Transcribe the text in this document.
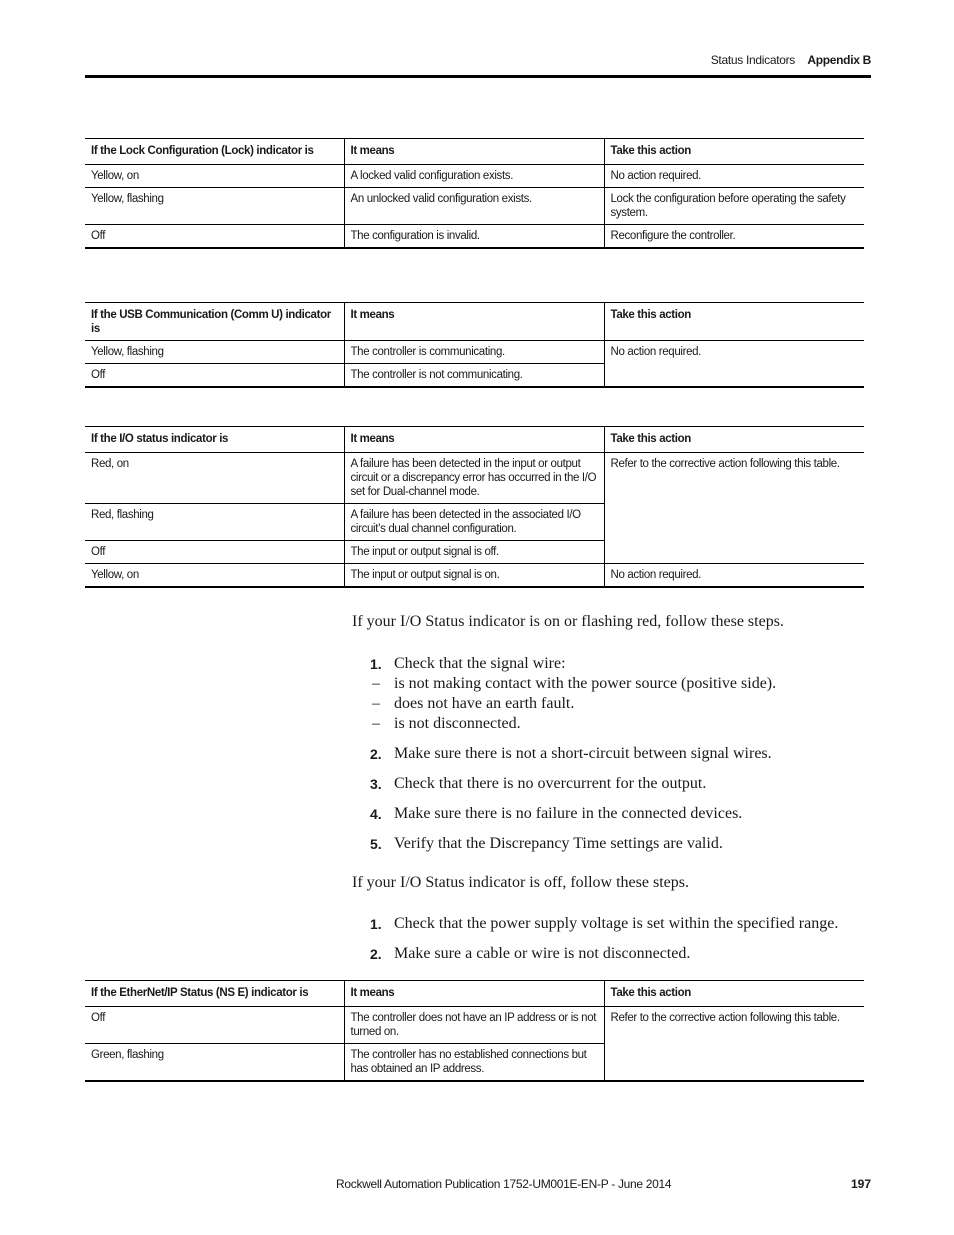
Status Indicators Appendix B
If the Lock Configuration (Lock) indicator is	It means	Take this action
Yellow, on	A locked valid configuration exists.	No action required.
Yellow, flashing	An unlocked valid configuration exists.	Lock the configuration before operating the safety system.
Off	The configuration is invalid.	Reconfigure the controller.
If the USB Communication (Comm U) indicator is	It means	Take this action
Yellow, flashing	The controller is communicating.	No action required.
Off	The controller is not communicating.	
If the I/O status indicator is	It means	Take this action
Red, on	A failure has been detected in the input or output circuit or a discrepancy error has occurred in the I/O set for Dual-channel mode.	Refer to the corrective action following this table.
Red, flashing	A failure has been detected in the associated I/O circuit’s dual channel configuration.	
Off	The input or output signal is off.	
Yellow, on	The input or output signal is on.	No action required.
If your I/O Status indicator is on or flashing red, follow these steps.
1. Check that the signal wire:
– is not making contact with the power source (positive side).
– does not have an earth fault.
– is not disconnected.
2. Make sure there is not a short-circuit between signal wires.
3. Check that there is no overcurrent for the output.
4. Make sure there is no failure in the connected devices.
5. Verify that the Discrepancy Time settings are valid.
If your I/O Status indicator is off, follow these steps.
1. Check that the power supply voltage is set within the specified range.
2. Make sure a cable or wire is not disconnected.
If the EtherNet/IP Status (NS E) indicator is	It means	Take this action
Off	The controller does not have an IP address or is not turned on.	Refer to the corrective action following this table.
Green, flashing	The controller has no established connections but has obtained an IP address.	
Rockwell Automation Publication 1752-UM001E-EN-P - June 2014	197
